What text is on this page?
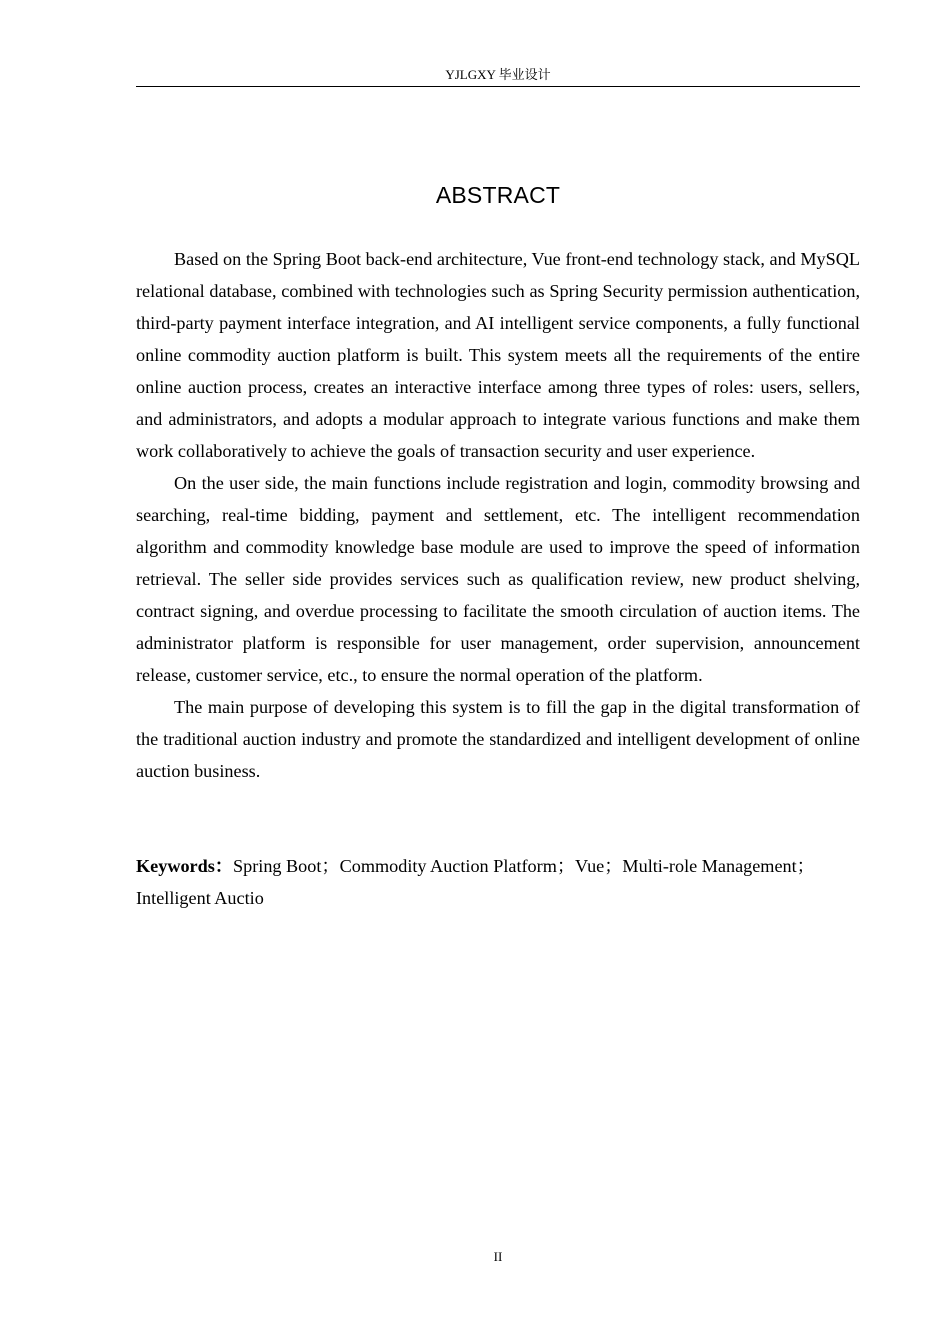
YJLGXY 毕业设计
ABSTRACT

Based on the Spring Boot back-end architecture, Vue front-end technology stack, and MySQL relational database, combined with technologies such as Spring Security permission authentication, third-party payment interface integration, and AI intelligent service components, a fully functional online commodity auction platform is built. This system meets all the requirements of the entire online auction process, creates an interactive interface among three types of roles: users, sellers, and administrators, and adopts a modular approach to integrate various functions and make them work collaboratively to achieve the goals of transaction security and user experience.

On the user side, the main functions include registration and login, commodity browsing and searching, real-time bidding, payment and settlement, etc. The intelligent recommendation algorithm and commodity knowledge base module are used to improve the speed of information retrieval. The seller side provides services such as qualification review, new product shelving, contract signing, and overdue processing to facilitate the smooth circulation of auction items. The administrator platform is responsible for user management, order supervision, announcement release, customer service, etc., to ensure the normal operation of the platform.

The main purpose of developing this system is to fill the gap in the digital transformation of the traditional auction industry and promote the standardized and intelligent development of online auction business.

Keywords：Spring Boot；Commodity Auction Platform；Vue；Multi-role Management；Intelligent Auctio
II
